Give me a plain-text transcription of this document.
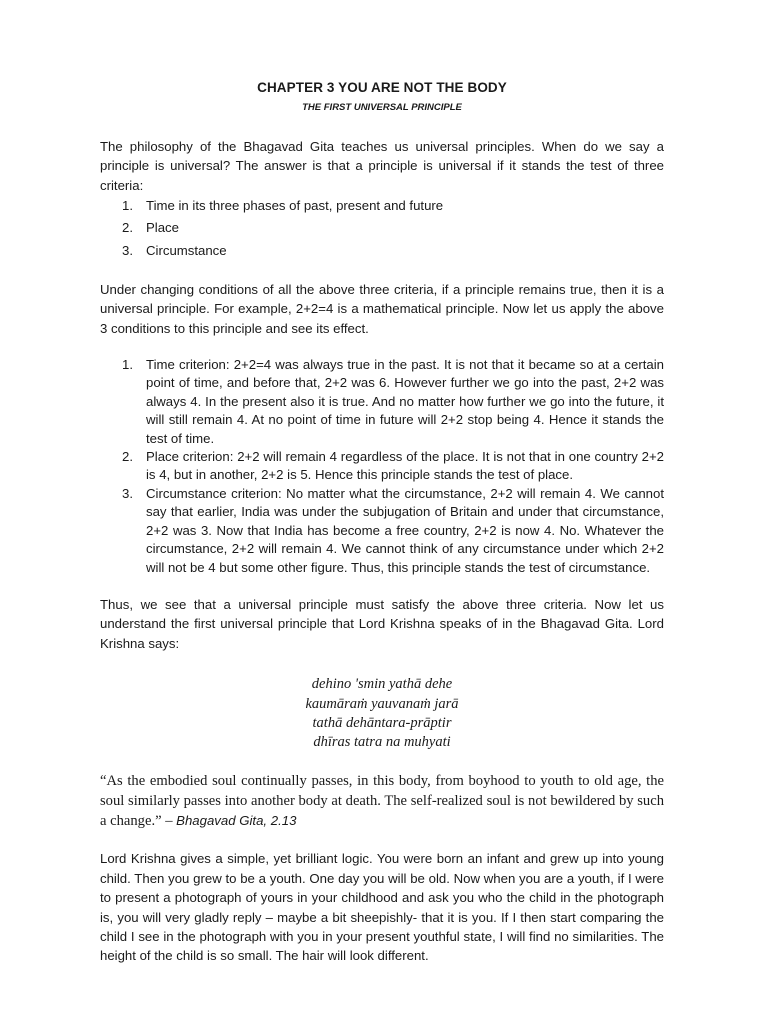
CHAPTER 3 YOU ARE NOT THE BODY
THE FIRST UNIVERSAL PRINCIPLE

The philosophy of the Bhagavad Gita teaches us universal principles. When do we say a principle is universal? The answer is that a principle is universal if it stands the test of three criteria:

1. Time in its three phases of past, present and future
2. Place
3. Circumstance

Under changing conditions of all the above three criteria, if a principle remains true, then it is a universal principle. For example, 2+2=4 is a mathematical principle. Now let us apply the above 3 conditions to this principle and see its effect.

1. Time criterion: 2+2=4 was always true in the past. It is not that it became so at a certain point of time, and before that, 2+2 was 6. However further we go into the past, 2+2 was always 4. In the present also it is true. And no matter how further we go into the future, it will still remain 4. At no point of time in future will 2+2 stop being 4. Hence it stands the test of time.
2. Place criterion: 2+2 will remain 4 regardless of the place. It is not that in one country 2+2 is 4, but in another, 2+2 is 5. Hence this principle stands the test of place.
3. Circumstance criterion: No matter what the circumstance, 2+2 will remain 4. We cannot say that earlier, India was under the subjugation of Britain and under that circumstance, 2+2 was 3. Now that India has become a free country, 2+2 is now 4. No. Whatever the circumstance, 2+2 will remain 4. We cannot think of any circumstance under which 2+2 will not be 4 but some other figure. Thus, this principle stands the test of circumstance.

Thus, we see that a universal principle must satisfy the above three criteria. Now let us understand the first universal principle that Lord Krishna speaks of in the Bhagavad Gita. Lord Krishna says:

dehino 'smin yathā dehe
kaumāraṁ yauvanaṁ jarā
tathā dehāntara-prāptir
dhīras tatra na muhyati

“As the embodied soul continually passes, in this body, from boyhood to youth to old age, the soul similarly passes into another body at death. The self-realized soul is not bewildered by such a change.” – Bhagavad Gita, 2.13

Lord Krishna gives a simple, yet brilliant logic. You were born an infant and grew up into young child. Then you grew to be a youth. One day you will be old. Now when you are a youth, if I were to present a photograph of yours in your childhood and ask you who the child in the photograph is, you will very gladly reply – maybe a bit sheepishly- that it is you. If I then start comparing the child I see in the photograph with you in your present youthful state, I will find no similarities. The height of the child is so small. The hair will look different.
